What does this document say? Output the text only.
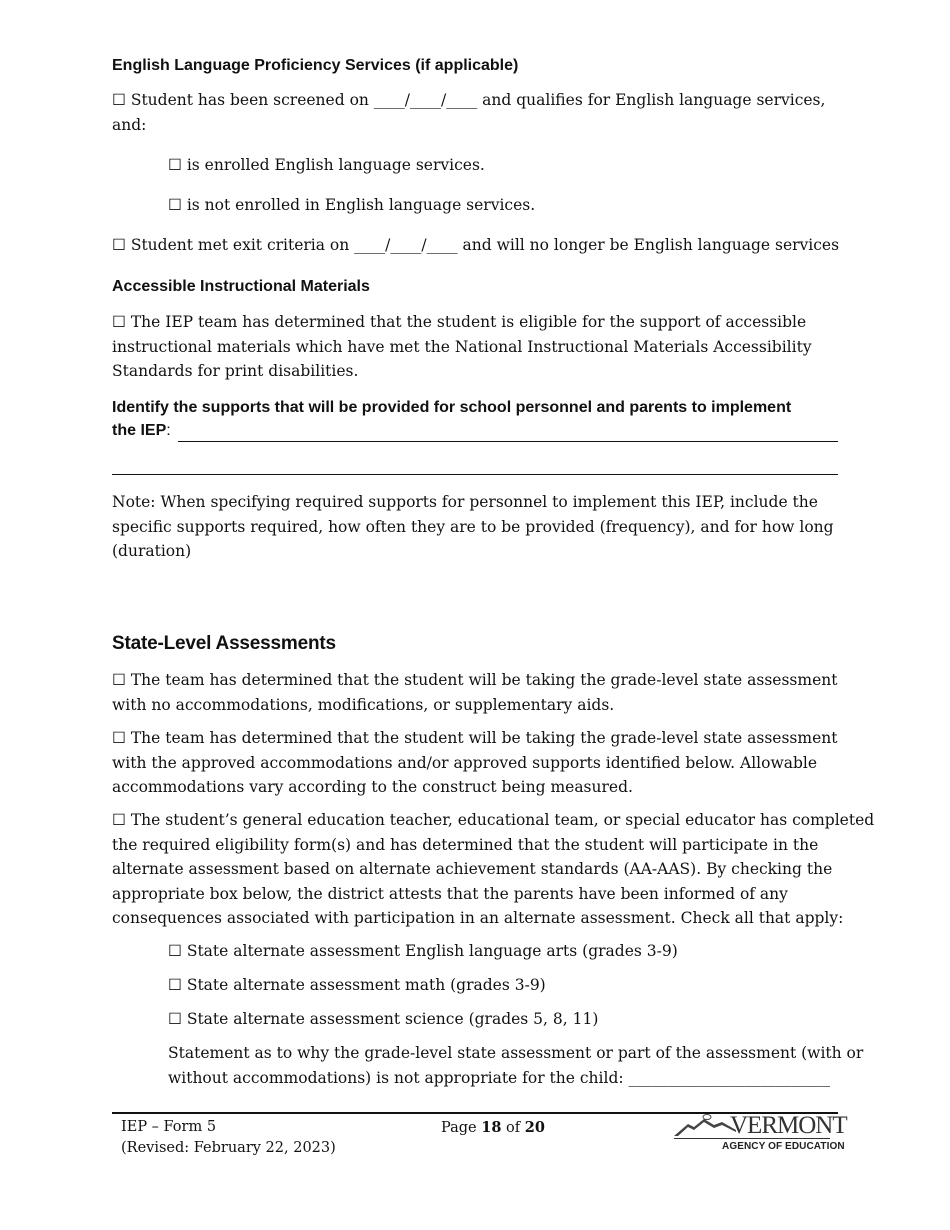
English Language Proficiency Services (if applicable)
☐ Student has been screened on ____/____/____ and qualifies for English language services,
and:
☐ is enrolled English language services.
☐ is not enrolled in English language services.
☐ Student met exit criteria on ____/____/____ and will no longer be English language services
Accessible Instructional Materials
☐ The IEP team has determined that the student is eligible for the support of accessible
instructional materials which have met the National Instructional Materials Accessibility
Standards for print disabilities.
Identify the supports that will be provided for school personnel and parents to implement
the IEP:
Note: When specifying required supports for personnel to implement this IEP, include the
specific supports required, how often they are to be provided (frequency), and for how long
(duration)
State-Level Assessments
☐ The team has determined that the student will be taking the grade-level state assessment
with no accommodations, modifications, or supplementary aids.
☐ The team has determined that the student will be taking the grade-level state assessment
with the approved accommodations and/or approved supports identified below. Allowable
accommodations vary according to the construct being measured.
☐ The student’s general education teacher, educational team, or special educator has completed
the required eligibility form(s) and has determined that the student will participate in the
alternate assessment based on alternate achievement standards (AA-AAS). By checking the
appropriate box below, the district attests that the parents have been informed of any
consequences associated with participation in an alternate assessment. Check all that apply:
☐ State alternate assessment English language arts (grades 3-9)
☐ State alternate assessment math (grades 3-9)
☐ State alternate assessment science (grades 5, 8, 11)
Statement as to why the grade-level state assessment or part of the assessment (with or
without accommodations) is not appropriate for the child: __________________________
IEP – Form 5
(Revised: February 22, 2023)
Page 18 of 20	VERMONT
AGENCY OF EDUCATION
